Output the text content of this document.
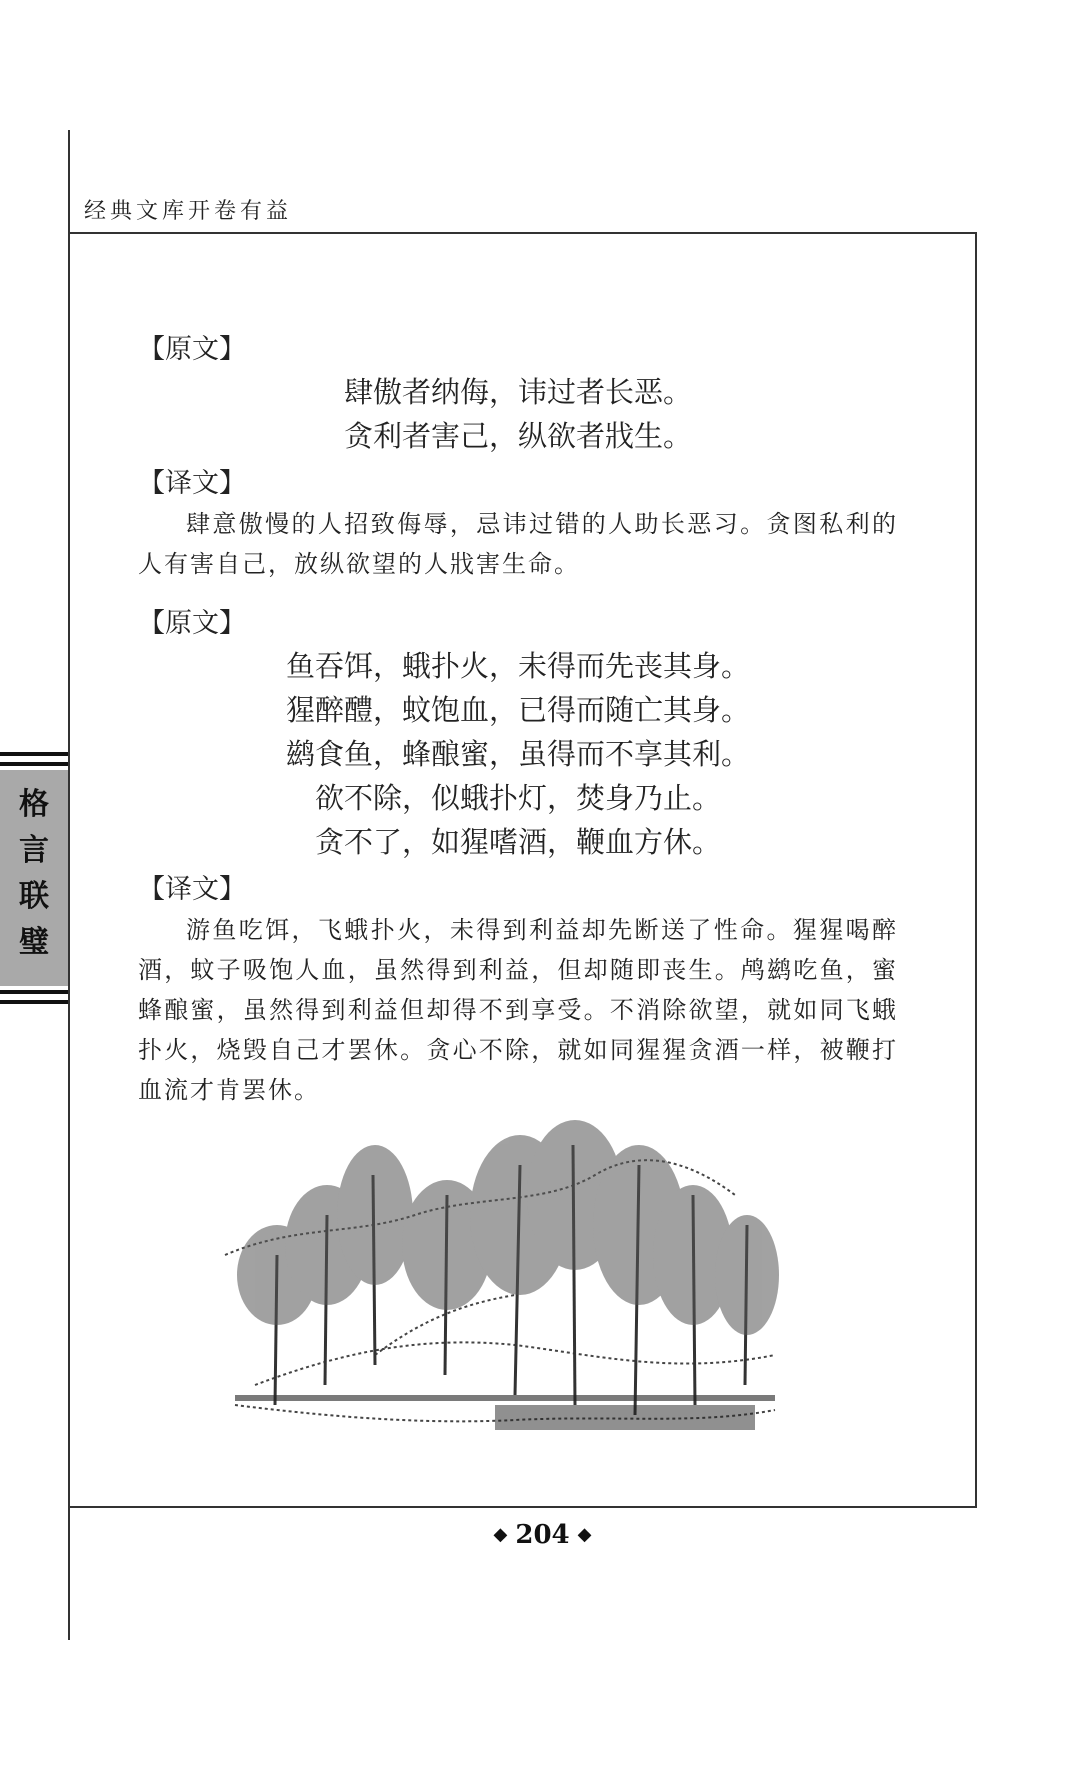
经典文库开卷有益
格
言
联
璧

【原文】

肆傲者纳侮，讳过者长恶。
贪利者害己，纵欲者戕生。

【译文】

肆意傲慢的人招致侮辱，忌讳过错的人助长恶习。贪图私利的人有害自己，放纵欲望的人戕害生命。

【原文】

鱼吞饵，蛾扑火，未得而先丧其身。
猩醉醴，蚊饱血，已得而随亡其身。
鹚食鱼，蜂酿蜜，虽得而不享其利。
欲不除，似蛾扑灯，焚身乃止。
贪不了，如猩嗜酒，鞭血方休。

【译文】

游鱼吃饵，飞蛾扑火，未得到利益却先断送了性命。猩猩喝醉酒，蚊子吸饱人血，虽然得到利益，但却随即丧生。鸬鹚吃鱼，蜜蜂酿蜜，虽然得到利益但却得不到享受。不消除欲望，就如同飞蛾扑火，烧毁自己才罢休。贪心不除，就如同猩猩贪酒一样，被鞭打血流才肯罢休。

◆ 204 ◆
